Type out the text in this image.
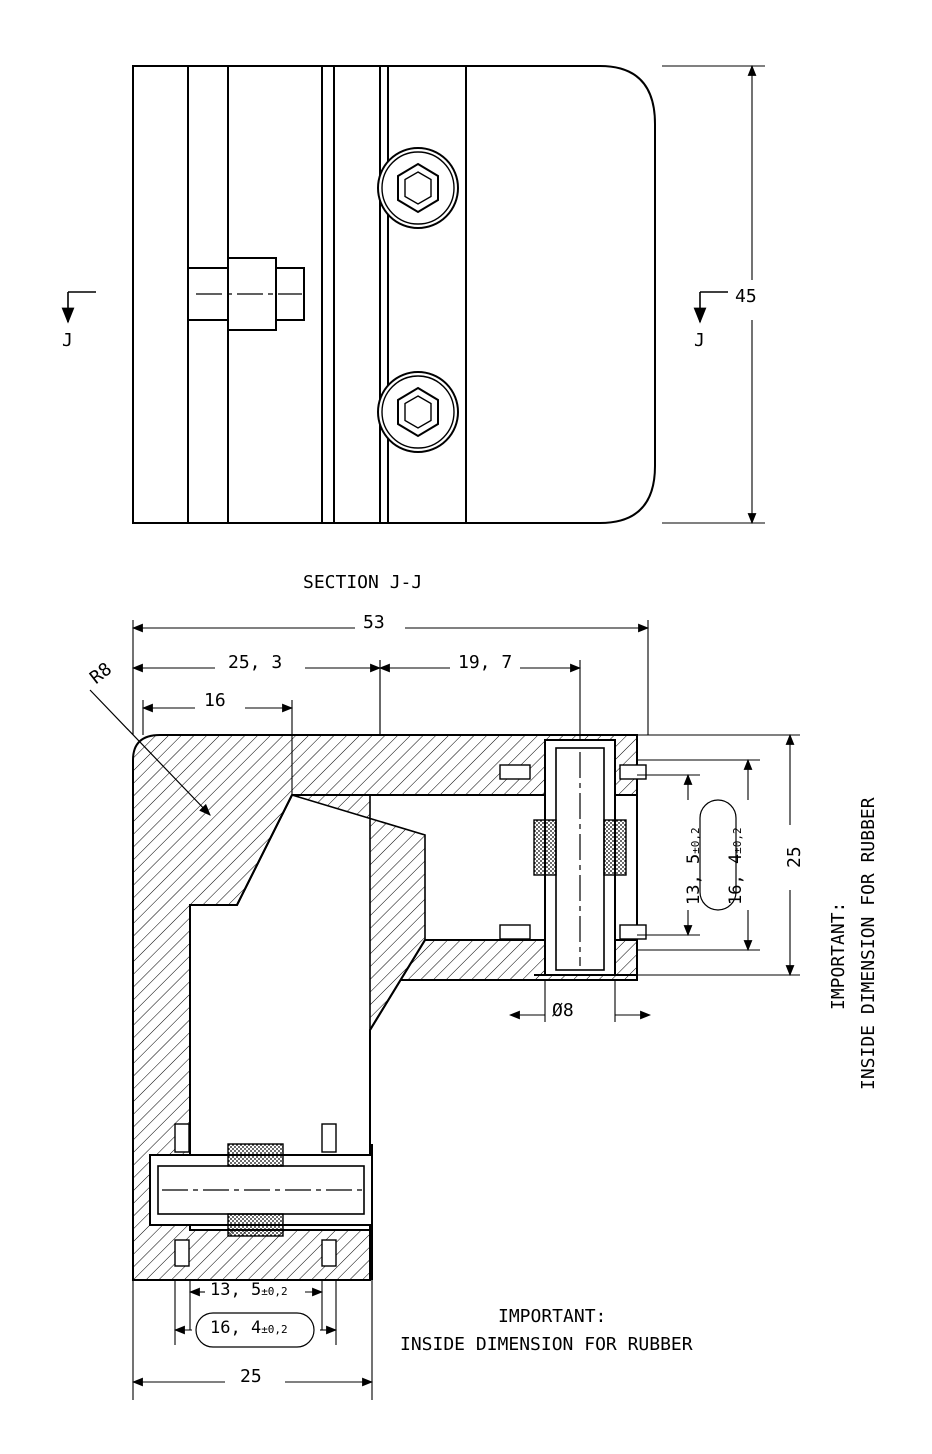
J	J
45
SECTION J-J
53
25, 3	19, 7
16
R8
Ø8
13, 5±0,2
16, 4±0,2
25
13, 5±0,2
16, 4±0,2
25
IMPORTANT:
INSIDE DIMENSION FOR RUBBER
IMPORTANT: INSIDE DIMENSION FOR RUBBER
